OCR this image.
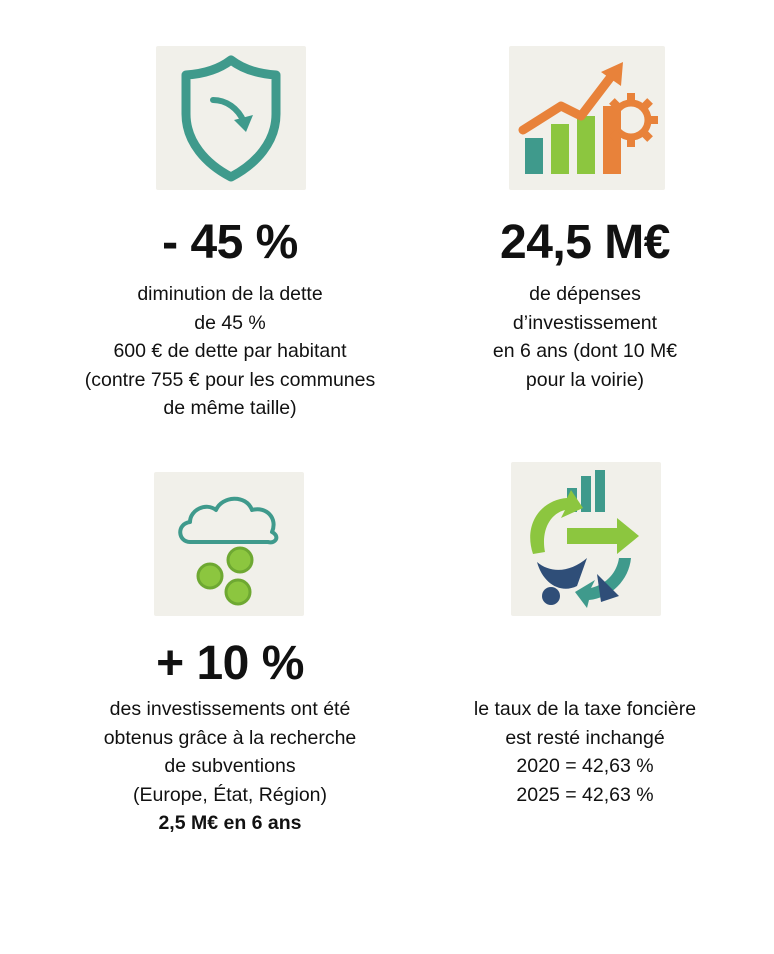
- 45 %
diminution de la dette
de 45 %
600 € de dette par habitant
(contre 755 € pour les communes
de même taille)
24,5 M€
de dépenses
d’investissement
en 6 ans (dont 10 M€
pour la voirie)
+ 10 %
des investissements ont été
obtenus grâce à la recherche
de subventions
(Europe, État, Région)
2,5 M€ en 6 ans
le taux de la taxe foncière
est resté inchangé
2020 = 42,63 %
2025 = 42,63 %
